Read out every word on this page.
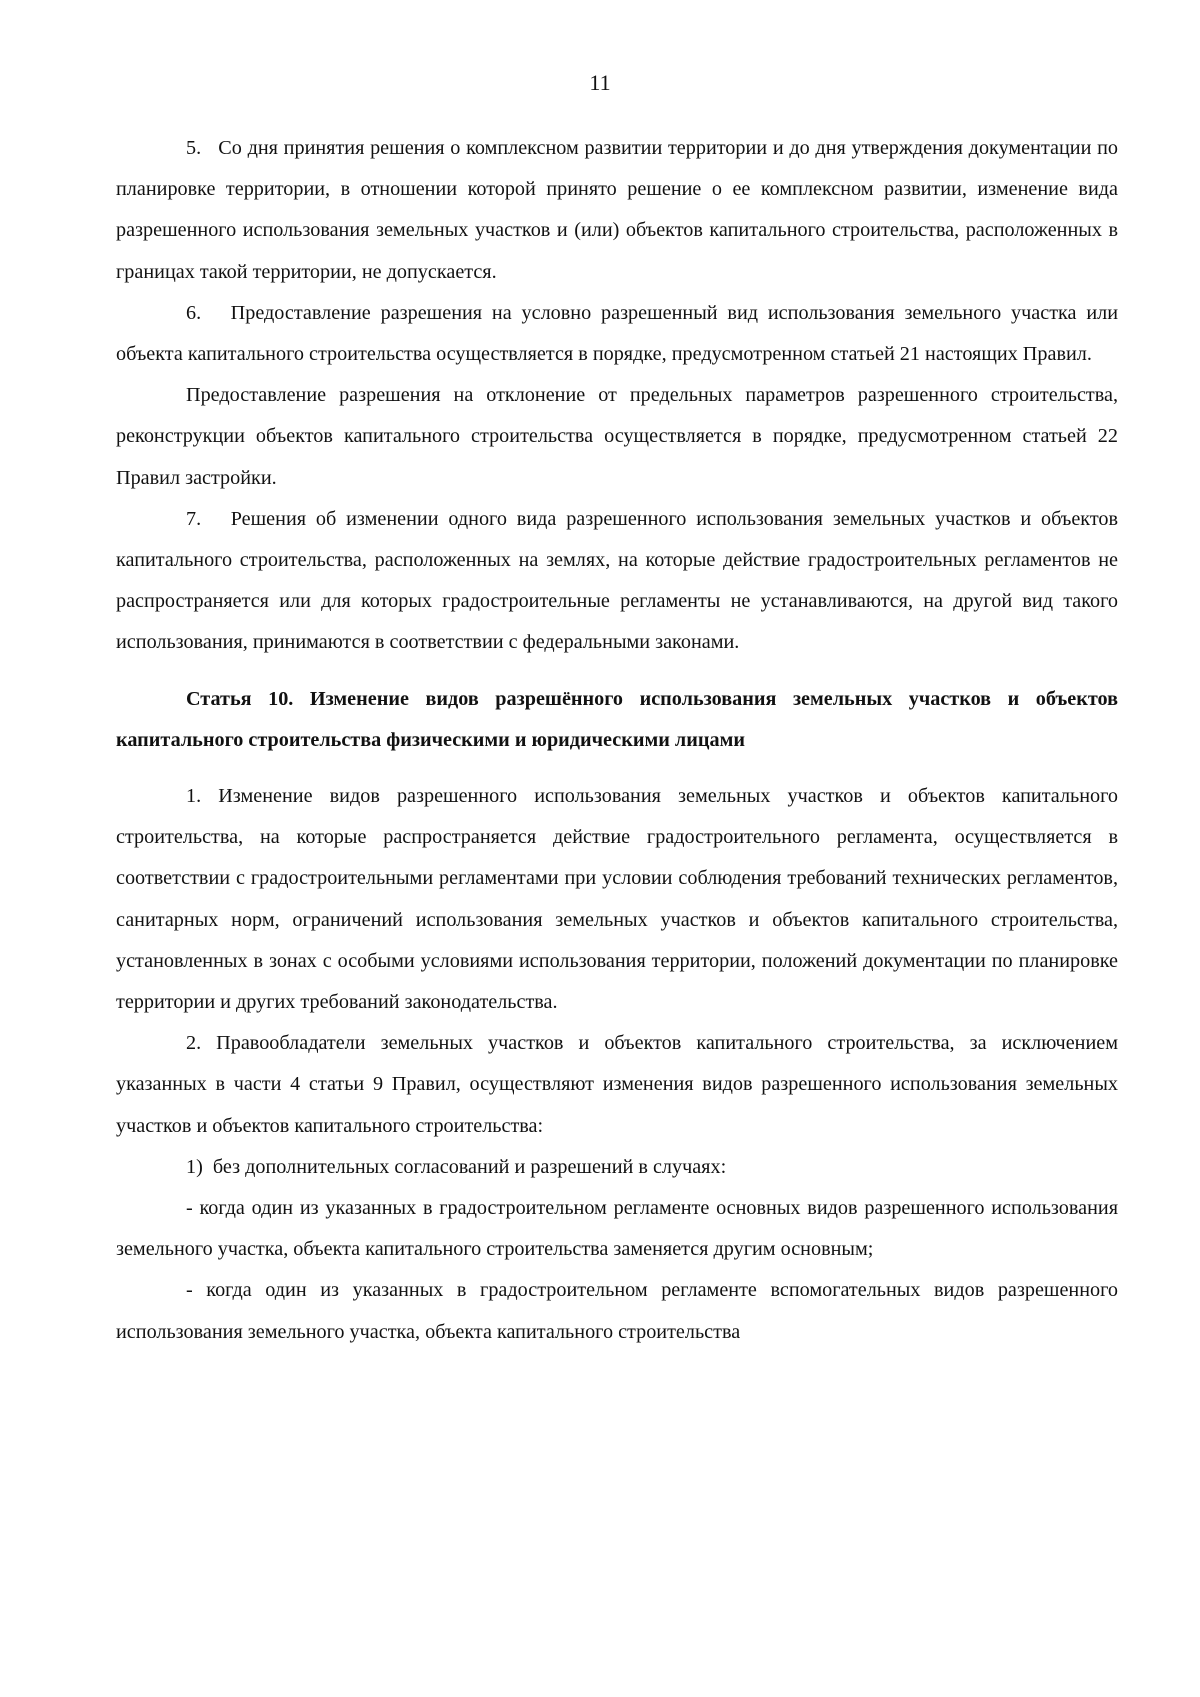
11

5.   Со дня принятия решения о комплексном развитии территории и до дня утверждения документации по планировке территории, в отношении которой принято решение о ее комплексном развитии, изменение вида разрешенного использования земельных участков и (или) объектов капитального строительства, расположенных в границах такой территории, не допускается.

6.   Предоставление разрешения на условно разрешенный вид использования земельного участка или объекта капитального строительства осуществляется в порядке, предусмотренном статьей 21 настоящих Правил.

Предоставление разрешения на отклонение от предельных параметров разрешенного строительства, реконструкции объектов капитального строительства осуществляется в порядке, предусмотренном статьей 22 Правил застройки.

7.   Решения об изменении одного вида разрешенного использования земельных участков и объектов капитального строительства, расположенных на землях, на которые действие градостроительных регламентов не распространяется или для которых градостроительные регламенты не устанавливаются, на другой вид такого использования, принимаются в соответствии с федеральными законами.

Статья 10. Изменение видов разрешённого использования земельных участков и объектов капитального строительства физическими и юридическими лицами

1. Изменение видов разрешенного использования земельных участков и объектов капитального строительства, на которые распространяется действие градостроительного регламента, осуществляется в соответствии с градостроительными регламентами при условии соблюдения требований технических регламентов, санитарных норм, ограничений использования земельных участков и объектов капитального строительства, установленных в зонах с особыми условиями использования территории, положений документации по планировке территории и других требований законодательства.

2. Правообладатели земельных участков и объектов капитального строительства, за исключением указанных в части 4 статьи 9 Правил, осуществляют изменения видов разрешенного использования земельных участков и объектов капитального строительства:

1)  без дополнительных согласований и разрешений в случаях:

- когда один из указанных в градостроительном регламенте основных видов разрешенного использования земельного участка, объекта капитального строительства заменяется другим основным;

- когда один из указанных в градостроительном регламенте вспомогательных видов разрешенного использования земельного участка, объекта капитального строительства
